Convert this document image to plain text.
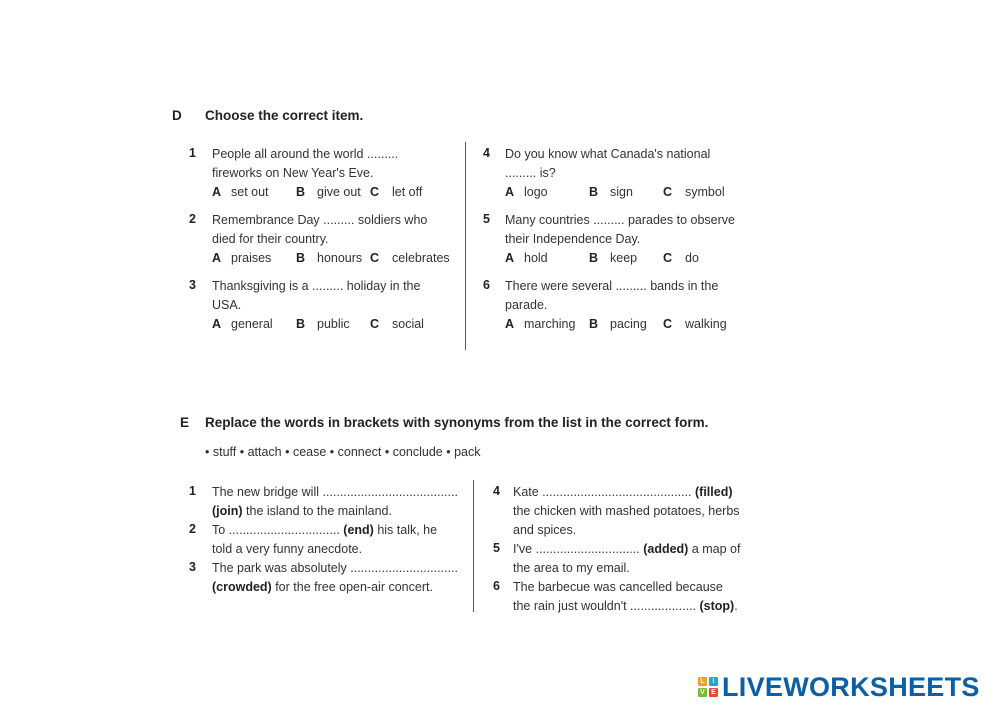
D Choose the correct item.
1 People all around the world .........
fireworks on New Year's Eve.
A set out B give out C let off
2 Remembrance Day ......... soldiers who
died for their country.
A praises B honours C celebrates
3 Thanksgiving is a ......... holiday in the
USA.
A general B public C social
4 Do you know what Canada's national
......... is?
A logo	B sign C symbol
5 Many countries ......... parades to observe
their Independence Day.
A hold	B keep C do
6 There were several ......... bands in the
parade.
A marching B pacing C walking
E Replace the words in brackets with synonyms from the list in the correct form.
• stuff • attach • cease • connect • conclude • pack
1 The new bridge will .......................................
(join) the island to the mainland.
2 To ................................ (end) his talk, he
told a very funny anecdote.
3 The park was absolutely ...............................
(crowded) for the free open-air concert.
4 Kate ........................................... (filled)
the chicken with mashed potatoes, herbs
and spices.
5 I've .............................. (added) a map of
the area to my email.
6 The barbecue was cancelled because
the rain just wouldn't ................... (stop).
L	I
V E LIVEWORKSHEETS
